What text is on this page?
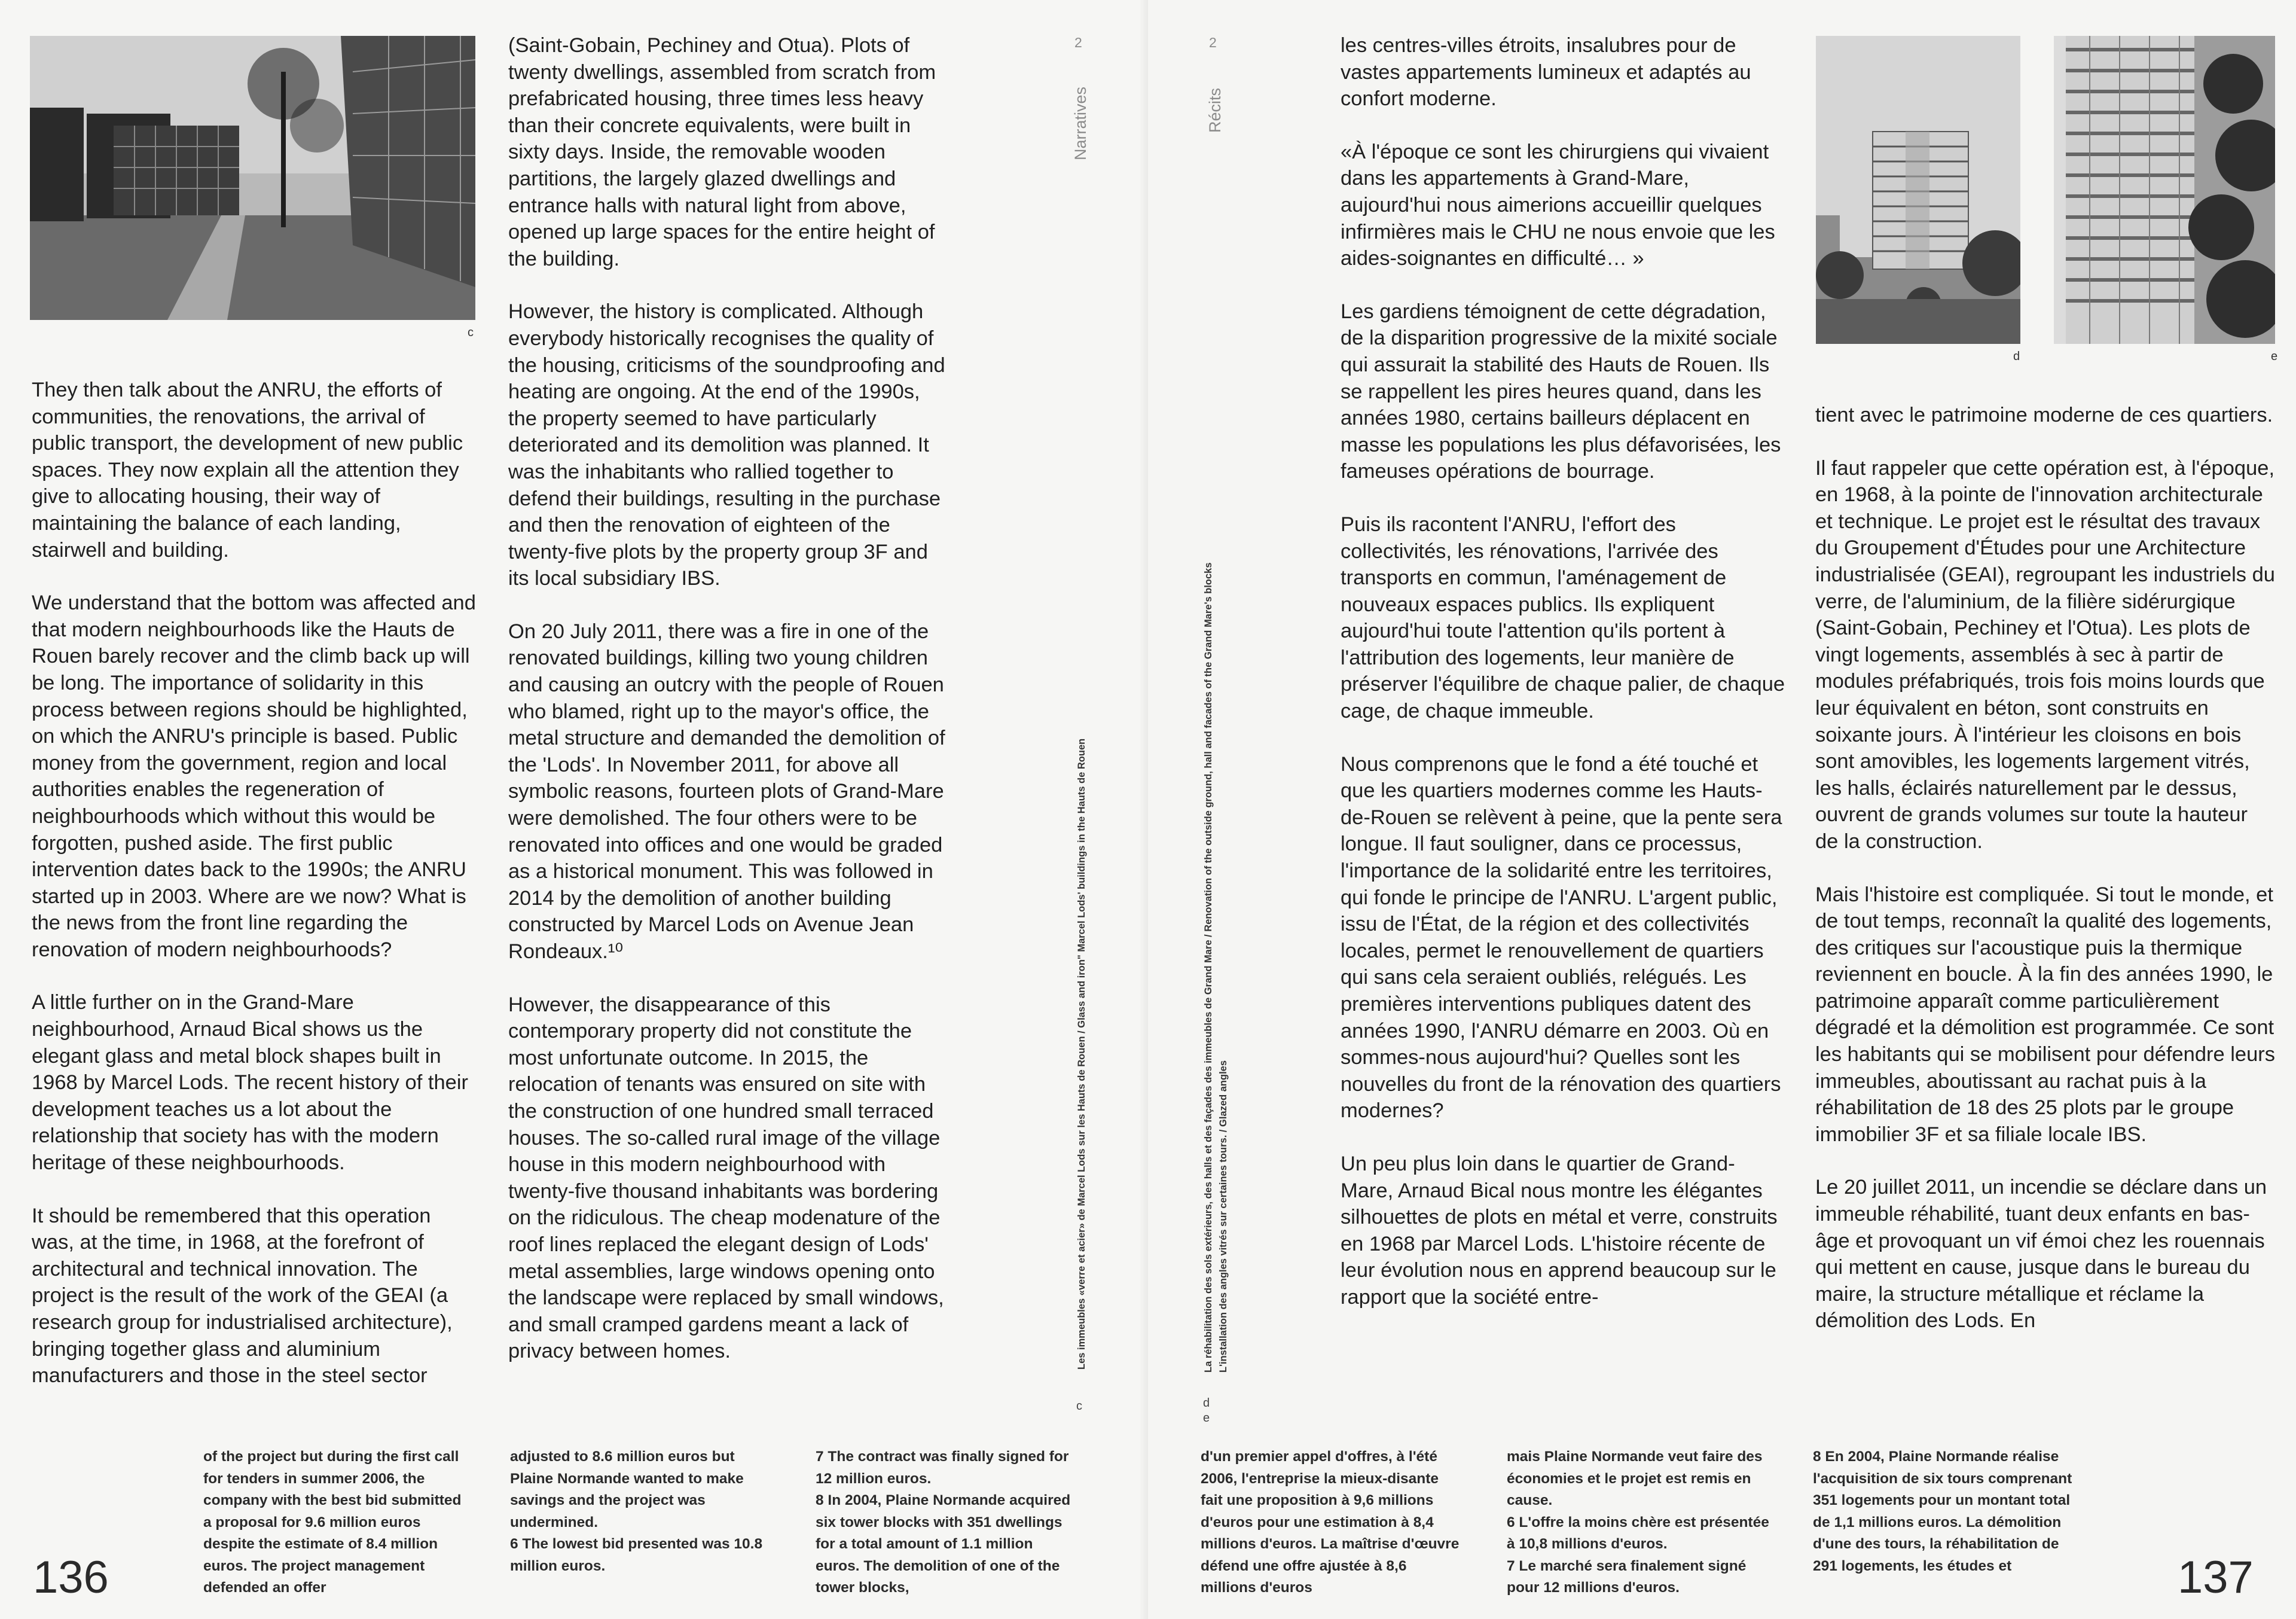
c

They then talk about the ANRU, the efforts of communities, the renovations, the arrival of public transport, the development of new public spaces. They now explain all the attention they give to allocating housing, their way of maintaining the balance of each landing, stairwell and building.

We understand that the bottom was affected and that modern neighbourhoods like the Hauts de Rouen barely recover and the climb back up will be long. The importance of solidarity in this process between regions should be highlighted, on which the ANRU's principle is based. Public money from the government, region and local authorities enables the regeneration of neighbourhoods which without this would be forgotten, pushed aside. The first public intervention dates back to the 1990s; the ANRU started up in 2003. Where are we now? What is the news from the front line regarding the renovation of modern neighbourhoods?

A little further on in the Grand-Mare neighbourhood, Arnaud Bical shows us the elegant glass and metal block shapes built in 1968 by Marcel Lods. The recent history of their development teaches us a lot about the relationship that society has with the modern heritage of these neighbourhoods.

It should be remembered that this operation was, at the time, in 1968, at the forefront of architectural and technical innovation. The project is the result of the work of the GEAI (a research group for industrialised architecture), bringing together glass and aluminium manufacturers and those in the steel sector

(Saint-Gobain, Pechiney and Otua). Plots of twenty dwellings, assembled from scratch from prefabricated housing, three times less heavy than their concrete equivalents, were built in sixty days. Inside, the removable wooden partitions, the largely glazed dwellings and entrance halls with natural light from above, opened up large spaces for the entire height of the building.

However, the history is complicated. Although everybody historically recognises the quality of the housing, criticisms of the soundproofing and heating are ongoing. At the end of the 1990s, the property seemed to have particularly deteriorated and its demolition was planned. It was the inhabitants who rallied together to defend their buildings, resulting in the purchase and then the renovation of eighteen of the twenty-five plots by the property group 3F and its local subsidiary IBS.

On 20 July 2011, there was a fire in one of the renovated buildings, killing two young children and causing an outcry with the people of Rouen who blamed, right up to the mayor's office, the metal structure and demanded the demolition of the 'Lods'. In November 2011, for above all symbolic reasons, fourteen plots of Grand-Mare were demolished. The four others were to be renovated into offices and one would be graded as a historical monument. This was followed in 2014 by the demolition of another building constructed by Marcel Lods on Avenue Jean Rondeaux.¹⁰

However, the disappearance of this contemporary property did not constitute the most unfortunate outcome. In 2015, the relocation of tenants was ensured on site with the construction of one hundred small terraced houses. The so-called rural image of the village house in this modern neighbourhood with twenty-five thousand inhabitants was bordering on the ridiculous. The cheap modenature of the roof lines replaced the elegant design of Lods' metal assemblies, large windows opening onto the landscape were replaced by small windows, and small cramped gardens meant a lack of privacy between homes.

of the project but during the first call for tenders in summer 2006, the company with the best bid submitted a proposal for 9.6 million euros despite the estimate of 8.4 million euros. The project management defended an offer

adjusted to 8.6 million euros but Plaine Normande wanted to make savings and the project was undermined.

6 The lowest bid presented was 10.8 million euros.

7 The contract was finally signed for 12 million euros.

8 In 2004, Plaine Normande acquired six tower blocks with 351 dwellings for a total amount of 1.1 million euros. The demolition of one of the tower blocks,

136
2
Narratives
Les immeubles «verre et acier» de Marcel Lods sur les Hauts de Rouen / Glass and iron" Marcel Lods' buildings in the Hauts de Rouen
c
2
Récits
La réhabilitation des sols extérieurs, des halls et des façades des immeubles de Grand Mare / Renovation of the outside ground, hall and facades of the Grand Mare's blocks L'installation des angles vitrés sur certaines tours. / Glazed angles
d
e

les centres-villes étroits, insalubres pour de vastes appartements lumineux et adaptés au confort moderne.

«À l'époque ce sont les chirurgiens qui vivaient dans les appartements à Grand-Mare, aujourd'hui nous aimerions accueillir quelques infirmières mais le CHU ne nous envoie que les aides-soignantes en difficulté… »

Les gardiens témoignent de cette dégradation, de la disparition progressive de la mixité sociale qui assurait la stabilité des Hauts de Rouen. Ils se rappellent les pires heures quand, dans les années 1980, certains bailleurs déplacent en masse les populations les plus défavorisées, les fameuses opérations de bourrage.

Puis ils racontent l'ANRU, l'effort des collectivités, les rénovations, l'arrivée des transports en commun, l'aménagement de nouveaux espaces publics. Ils expliquent aujourd'hui toute l'attention qu'ils portent à l'attribution des logements, leur manière de préserver l'équilibre de chaque palier, de chaque cage, de chaque immeuble.

Nous comprenons que le fond a été touché et que les quartiers modernes comme les Hauts-de-Rouen se relèvent à peine, que la pente sera longue. Il faut souligner, dans ce processus, l'importance de la solidarité entre les territoires, qui fonde le principe de l'ANRU. L'argent public, issu de l'État, de la région et des collectivités locales, permet le renouvellement de quartiers qui sans cela seraient oubliés, relégués. Les premières interventions publiques datent des années 1990, l'ANRU démarre en 2003. Où en sommes-nous aujourd'hui? Quelles sont les nouvelles du front de la rénovation des quartiers modernes?

Un peu plus loin dans le quartier de Grand-Mare, Arnaud Bical nous montre les élégantes silhouettes de plots en métal et verre, construits en 1968 par Marcel Lods. L'histoire récente de leur évolution nous en apprend beaucoup sur le rapport que la société entre-

d	e

tient avec le patrimoine moderne de ces quartiers.

Il faut rappeler que cette opération est, à l'époque, en 1968, à la pointe de l'innovation architecturale et technique. Le projet est le résultat des travaux du Groupement d'Études pour une Architecture industrialisée (GEAI), regroupant les industriels du verre, de l'aluminium, de la filière sidérurgique (Saint-Gobain, Pechiney et l'Otua). Les plots de vingt logements, assemblés à sec à partir de modules préfabriqués, trois fois moins lourds que leur équivalent en béton, sont construits en soixante jours. À l'intérieur les cloisons en bois sont amovibles, les logements largement vitrés, les halls, éclairés naturellement par le dessus, ouvrent de grands volumes sur toute la hauteur de la construction.

Mais l'histoire est compliquée. Si tout le monde, et de tout temps, reconnaît la qualité des logements, des critiques sur l'acoustique puis la thermique reviennent en boucle. À la fin des années 1990, le patrimoine apparaît comme particulièrement dégradé et la démolition est programmée. Ce sont les habitants qui se mobilisent pour défendre leurs immeubles, aboutissant au rachat puis à la réhabilitation de 18 des 25 plots par le groupe immobilier 3F et sa filiale locale IBS.

Le 20 juillet 2011, un incendie se déclare dans un immeuble réhabilité, tuant deux enfants en bas-âge et provoquant un vif émoi chez les rouennais qui mettent en cause, jusque dans le bureau du maire, la structure métallique et réclame la démolition des Lods. En

d'un premier appel d'offres, à l'été 2006, l'entreprise la mieux-disante fait une proposition à 9,6 millions d'euros pour une estimation à 8,4 millions d'euros. La maîtrise d'œuvre défend une offre ajustée à 8,6 millions d'euros

mais Plaine Normande veut faire des économies et le projet est remis en cause.

6 L'offre la moins chère est présentée à 10,8 millions d'euros.

7 Le marché sera finalement signé pour 12 millions d'euros.

8 En 2004, Plaine Normande réalise l'acquisition de six tours comprenant 351 logements pour un montant total de 1,1 millions euros. La démolition d'une des tours, la réhabilitation de 291 logements, les études et	137
